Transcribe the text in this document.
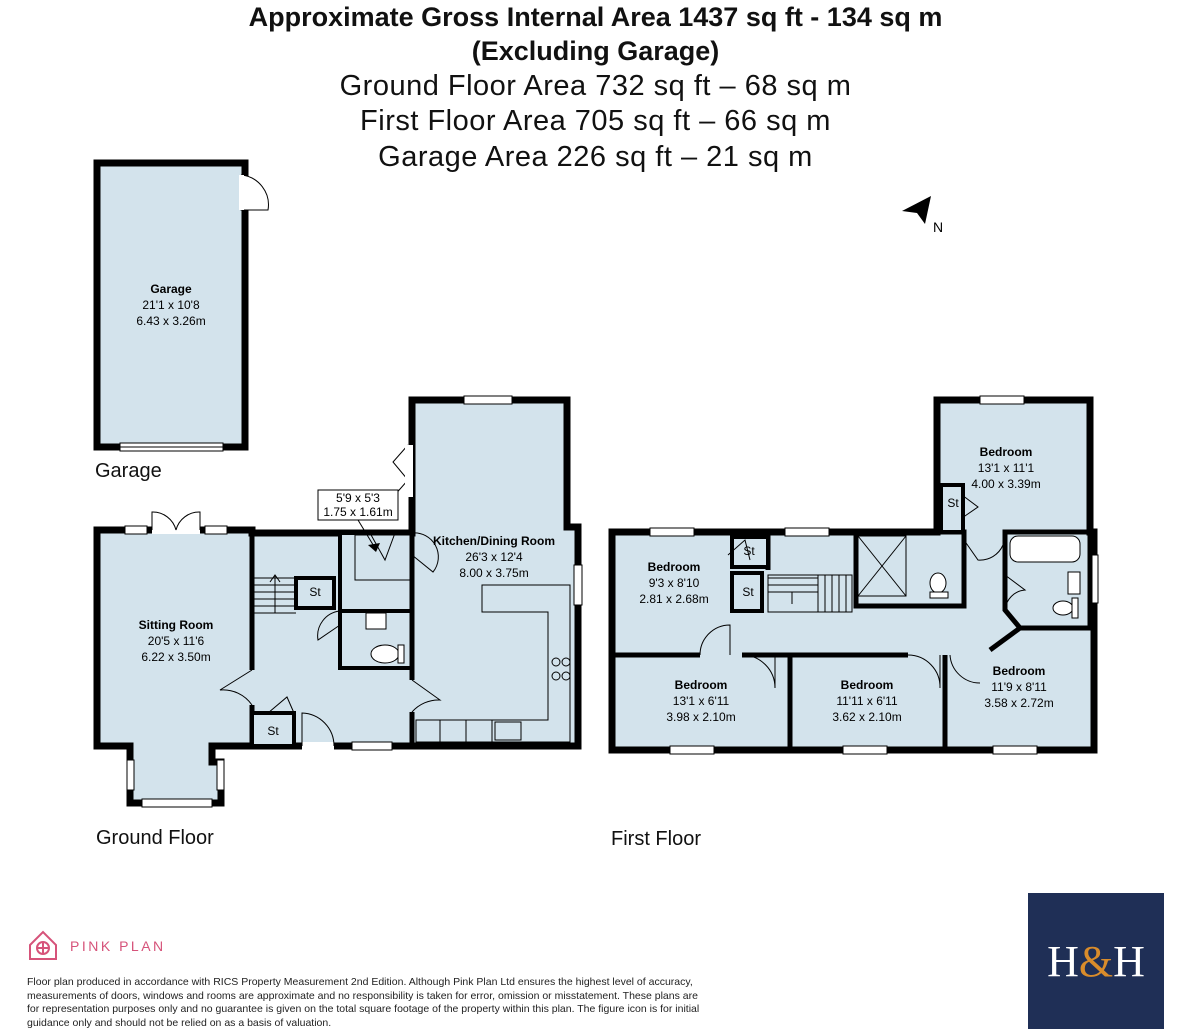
Approximate Gross Internal Area 1437 sq ft - 134 sq m
(Excluding Garage)
Ground Floor Area 732 sq ft – 68 sq m
First Floor Area 705 sq ft – 66 sq m
Garage Area 226 sq ft – 21 sq m
N
Garage
21'1 x 10'8
6.43 x 3.26m
Sitting Room
20'5 x 11'6
6.22 x 3.50m
Kitchen/Dining Room
26'3 x 12'4
8.00 x 3.75m
St
St
Bedroom
9'3 x 8'10
2.81 x 2.68m
Bedroom
13'1 x 11'1
4.00 x 3.39m
Bedroom
13'1 x 6'11
3.98 x 2.10m
Bedroom
11'11 x 6'11
3.62 x 2.10m
Bedroom
11'9 x 8'11
3.58 x 2.72m
St
St
St
5'9 x 5'3
1.75 x 1.61m
Garage
Ground Floor	First Floor
PINK PLAN
Floor plan produced in accordance with RICS Property Measurement 2nd Edition. Although Pink Plan Ltd ensures the highest level of accuracy, measurements of doors, windows and rooms are approximate and no responsibility is taken for error, omission or misstatement. These plans are for representation purposes only and no guarantee is given on the total square footage of the property within this plan. The figure icon is for initial guidance only and should not be relied on as a basis of valuation.
H & H
